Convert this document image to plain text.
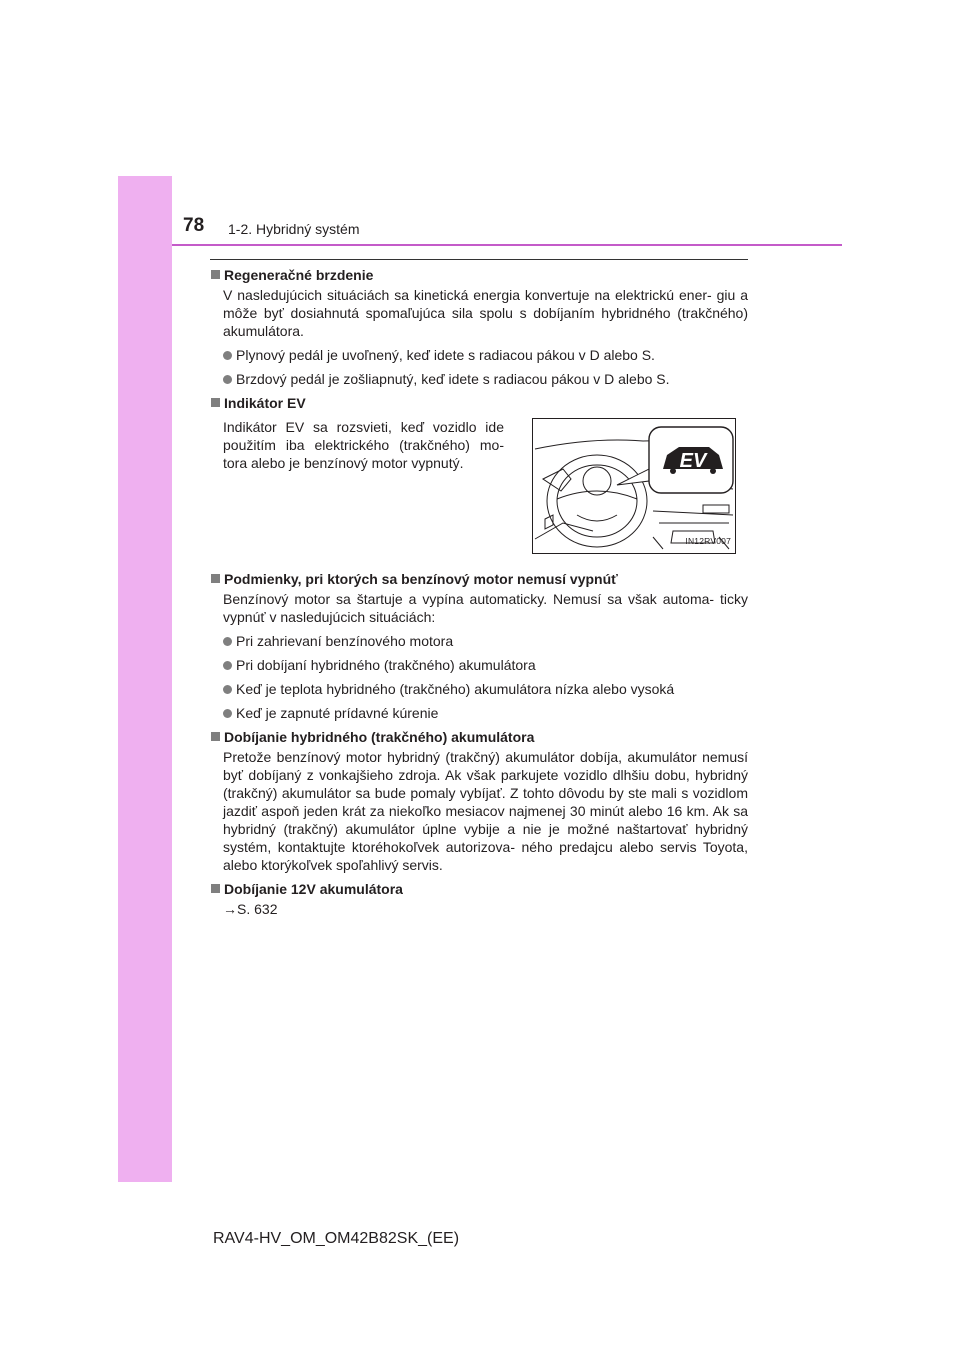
78 1-2. Hybridný systém
Regeneračné brzdenie
V nasledujúcich situáciách sa kinetická energia konvertuje na elektrickú ener- giu a môže byť dosiahnutá spomaľujúca sila spolu s dobíjaním hybridného (trakčného) akumulátora.
Plynový pedál je uvoľnený, keď idete s radiacou pákou v D alebo S.
Brzdový pedál je zošliapnutý, keď idete s radiacou pákou v D alebo S.
Indikátor EV
Indikátor EV sa rozsvieti, keď vozidlo ide použitím iba elektrického (trakčného) mo- tora alebo je benzínový motor vypnutý.	EV
IN12RV007
Podmienky, pri ktorých sa benzínový motor nemusí vypnúť
Benzínový motor sa štartuje a vypína automaticky. Nemusí sa však automa- ticky vypnúť v nasledujúcich situáciách:
Pri zahrievaní benzínového motora
Pri dobíjaní hybridného (trakčného) akumulátora
Keď je teplota hybridného (trakčného) akumulátora nízka alebo vysoká
Keď je zapnuté prídavné kúrenie
Dobíjanie hybridného (trakčného) akumulátora
Pretože benzínový motor hybridný (trakčný) akumulátor dobíja, akumulátor nemusí byť dobíjaný z vonkajšieho zdroja. Ak však parkujete vozidlo dlhšiu dobu, hybridný (trakčný) akumulátor sa bude pomaly vybíjať. Z tohto dôvodu by ste mali s vozidlom jazdiť aspoň jeden krát za niekoľko mesiacov najmenej 30 minút alebo 16 km. Ak sa hybridný (trakčný) akumulátor úplne vybije a nie je možné naštartovať hybridný systém, kontaktujte ktoréhokoľvek autorizova- ného predajcu alebo servis Toyota, alebo ktorýkoľvek spoľahlivý servis.
Dobíjanie 12V akumulátora
→S. 632
RAV4-HV_OM_OM42B82SK_(EE)
